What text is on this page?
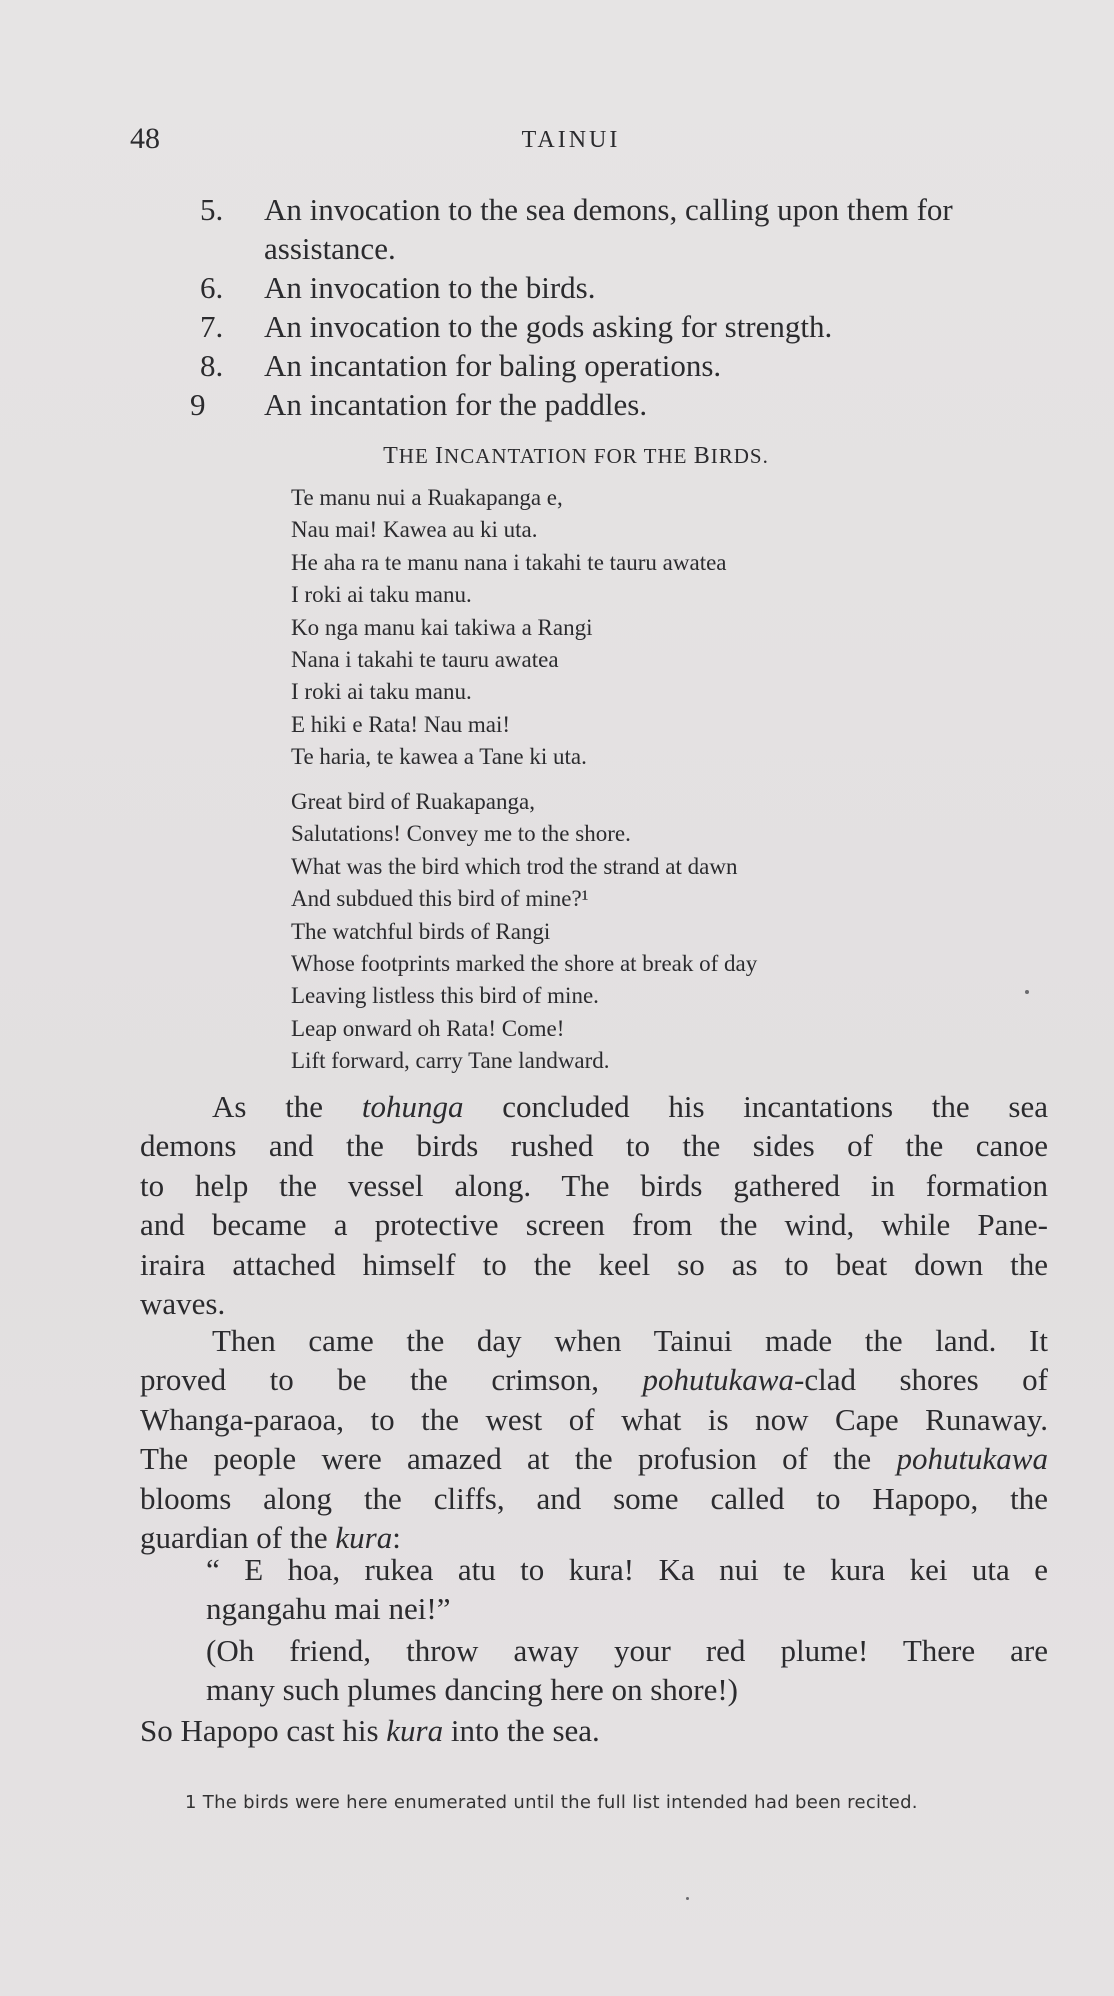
48	TAINUI
5.	An invocation to the sea demons, calling upon them for assistance.
6.	An invocation to the birds.
7.	An invocation to the gods asking for strength.
8.	An incantation for baling operations.
9	An incantation for the paddles.
THE INCANTATION FOR THE BIRDS.
Te manu nui a Ruakapanga e,
Nau mai! Kawea au ki uta.
He aha ra te manu nana i takahi te tauru awatea
I roki ai taku manu.
Ko nga manu kai takiwa a Rangi
Nana i takahi te tauru awatea
I roki ai taku manu.
E hiki e Rata! Nau mai!
Te haria, te kawea a Tane ki uta.
Great bird of Ruakapanga,
Salutations! Convey me to the shore.
What was the bird which trod the strand at dawn
And subdued this bird of mine?¹
The watchful birds of Rangi
Whose footprints marked the shore at break of day
Leaving listless this bird of mine.
Leap onward oh Rata! Come!
Lift forward, carry Tane landward.
As the tohunga concluded his incantations the sea
demons and the birds rushed to the sides of the canoe
to help the vessel along. The birds gathered in formation
and became a protective screen from the wind, while Pane-
iraira attached himself to the keel so as to beat down the
waves.
Then came the day when Tainui made the land. It
proved to be the crimson, pohutukawa-clad shores of
Whanga-paraoa, to the west of what is now Cape Runaway.
The people were amazed at the profusion of the pohutukawa
blooms along the cliffs, and some called to Hapopo, the
guardian of the kura:
“ E hoa, rukea atu to kura! Ka nui te kura kei uta e
ngangahu mai nei!”
(Oh friend, throw away your red plume! There are
many such plumes dancing here on shore!)
So Hapopo cast his kura into the sea.
1 The birds were here enumerated until the full list intended had been recited.
